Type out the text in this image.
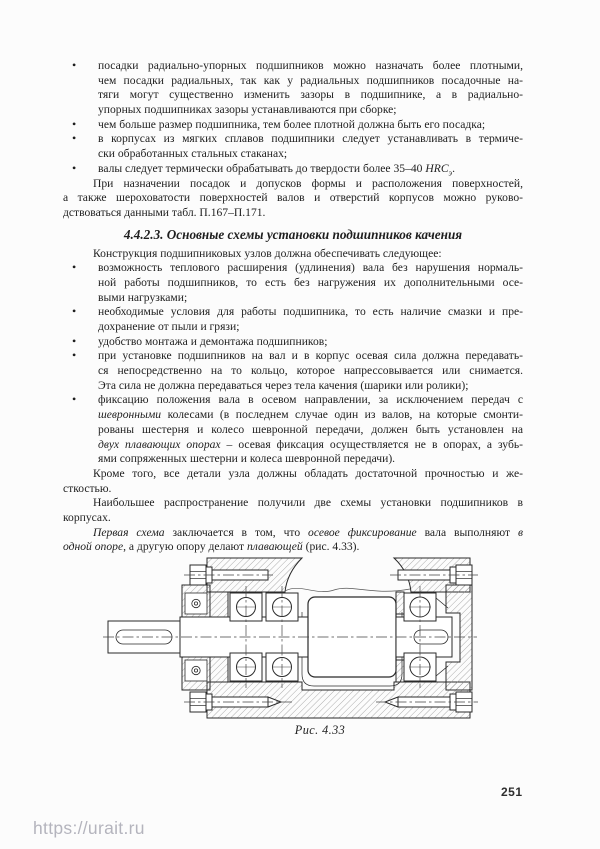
• посадки радиально-упорных подшипников можно назначать более плотными,
чем посадки радиальных, так как у радиальных подшипников посадочные на-
тяги могут существенно изменить зазоры в подшипнике, а в радиально-
упорных подшипниках зазоры устанавливаются при сборке;
• чем больше размер подшипника, тем более плотной должна быть его посадка;
• в корпусах из мягких сплавов подшипники следует устанавливать в термиче-
ски обработанных стальных стаканах;
• валы следует термически обрабатывать до твердости более 35–40 $HRC_э$.
При назначении посадок и допусков формы и расположения поверхностей,
а также шероховатости поверхностей валов и отверстий корпусов можно руково-
дствоваться данными табл. П.167–П.171.
4.4.2.3. Основные схемы установки подшипников качения
Конструкция подшипниковых узлов должна обеспечивать следующее:
• возможность теплового расширения (удлинения) вала без нарушения нормаль-
ной работы подшипников, то есть без нагружения их дополнительными осе-
выми нагрузками;
• необходимые условия для работы подшипника, то есть наличие смазки и пре-
дохранение от пыли и грязи;
• удобство монтажа и демонтажа подшипников;
• при установке подшипников на вал и в корпус осевая сила должна передавать-
ся непосредственно на то кольцо, которое напрессовывается или снимается.
Эта сила не должна передаваться через тела качения (шарики или ролики);
• фиксацию положения вала в осевом направлении, за исключением передач с
шевронными колесами (в последнем случае один из валов, на которые смонти-
рованы шестерня и колесо шевронной передачи, должен быть установлен на
двух плавающих опорах – осевая фиксация осуществляется не в опорах, а зубь-
ями сопряженных шестерни и колеса шевронной передачи).
Кроме того, все детали узла должны обладать достаточной прочностью и же-
сткостью.
Наибольшее распространение получили две схемы установки подшипников в
корпусах.
Первая схема заключается в том, что осевое фиксирование вала выполняют в
одной опоре, а другую опору делают плавающей (рис. 4.33).
Рис. 4.33
251
https://urait.ru
